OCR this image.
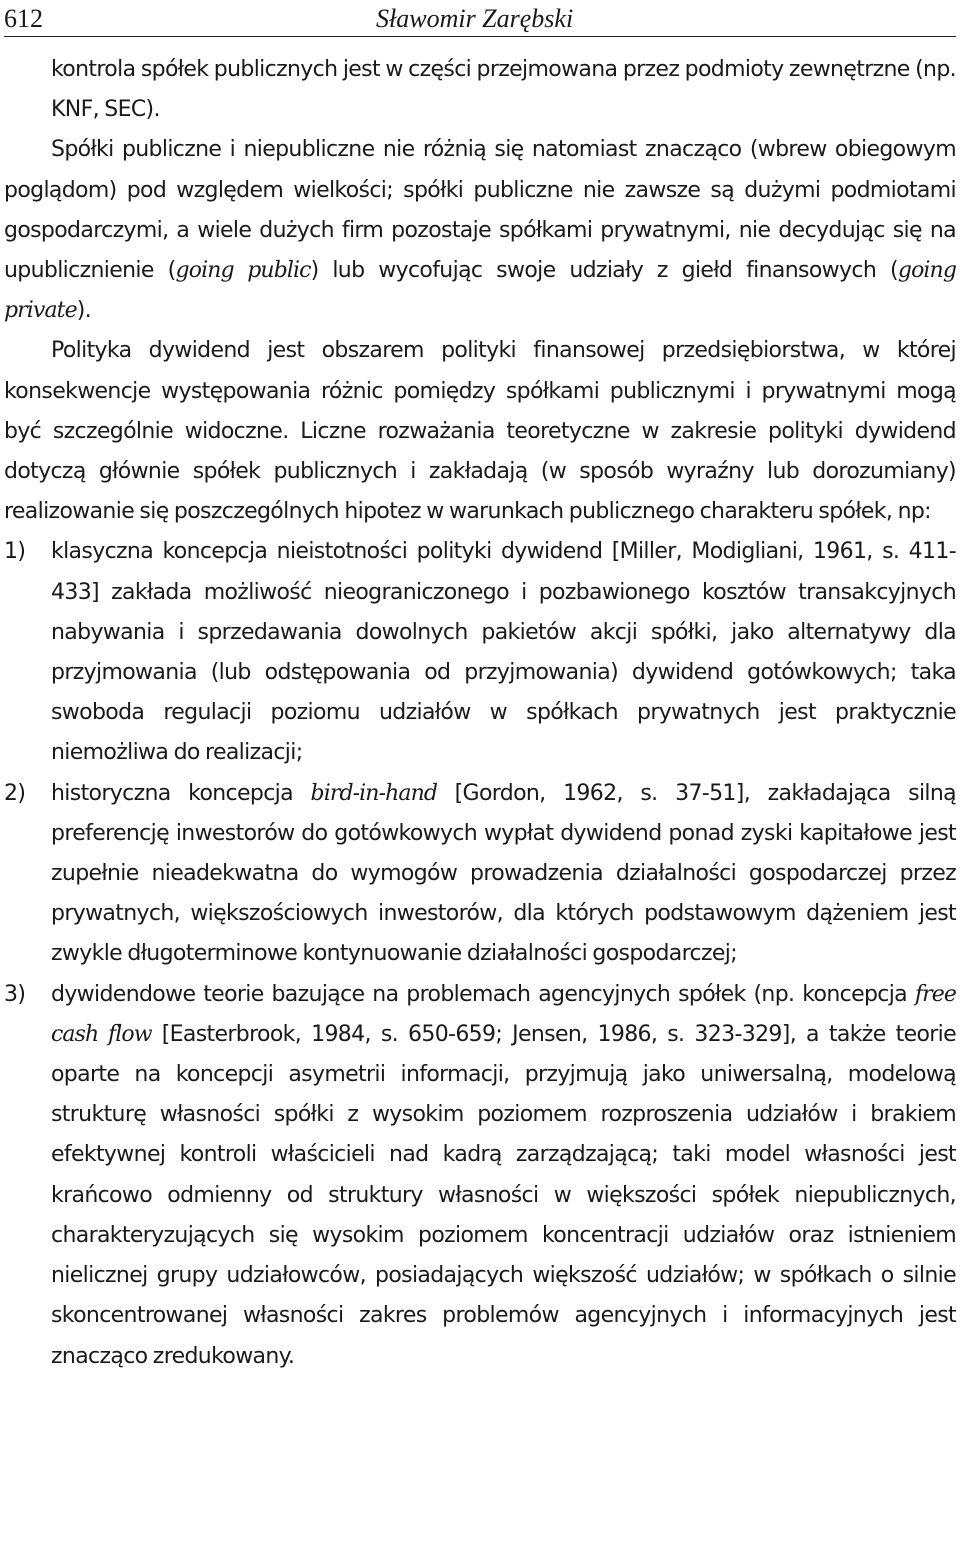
612	Sławomir Zarębski

kontrola spółek publicznych jest w części przejmowana przez podmioty zewnętrzne (np. KNF, SEC).

Spółki publiczne i niepubliczne nie różnią się natomiast znacząco (wbrew obiegowym poglądom) pod względem wielkości; spółki publiczne nie zawsze są dużymi podmiotami gospodarczymi, a wiele dużych firm pozostaje spółkami prywatnymi, nie decydując się na upublicznienie (going public) lub wycofując swoje udziały z giełd finansowych (going private).

Polityka dywidend jest obszarem polityki finansowej przedsiębiorstwa, w której konsekwencje występowania różnic pomiędzy spółkami publicznymi i prywatnymi mogą być szczególnie widoczne. Liczne rozważania teoretyczne w zakresie polityki dywidend dotyczą głównie spółek publicznych i zakładają (w sposób wyraźny lub dorozumiany) realizowanie się poszczególnych hipotez w warunkach publicznego charakteru spółek, np:

1) klasyczna koncepcja nieistotności polityki dywidend [Miller, Modigliani, 1961, s. 411-433] zakłada możliwość nieograniczonego i pozbawionego kosztów transakcyjnych nabywania i sprzedawania dowolnych pakietów akcji spółki, jako alternatywy dla przyjmowania (lub odstępowania od przyjmowania) dywidend gotówkowych; taka swoboda regulacji poziomu udziałów w spółkach prywatnych jest praktycznie niemożliwa do realizacji;
2) historyczna koncepcja bird-in-hand [Gordon, 1962, s. 37-51], zakładająca silną preferencję inwestorów do gotówkowych wypłat dywidend ponad zyski kapitałowe jest zupełnie nieadekwatna do wymogów prowadzenia działalności gospodarczej przez prywatnych, większościowych inwestorów, dla których podstawowym dążeniem jest zwykle długoterminowe kontynuowanie działalności gospodarczej;
3) dywidendowe teorie bazujące na problemach agencyjnych spółek (np. koncepcja free cash flow [Easterbrook, 1984, s. 650-659; Jensen, 1986, s. 323-329], a także teorie oparte na koncepcji asymetrii informacji, przyjmują jako uniwersalną, modelową strukturę własności spółki z wysokim poziomem rozproszenia udziałów i brakiem efektywnej kontroli właścicieli nad kadrą zarządzającą; taki model własności jest krańcowo odmienny od struktury własności w większości spółek niepublicznych, charakteryzujących się wysokim poziomem koncentracji udziałów oraz istnieniem nielicznej grupy udziałowców, posiadających większość udziałów; w spółkach o silnie skoncentrowanej własności zakres problemów agencyjnych i informacyjnych jest znacząco zredukowany.
